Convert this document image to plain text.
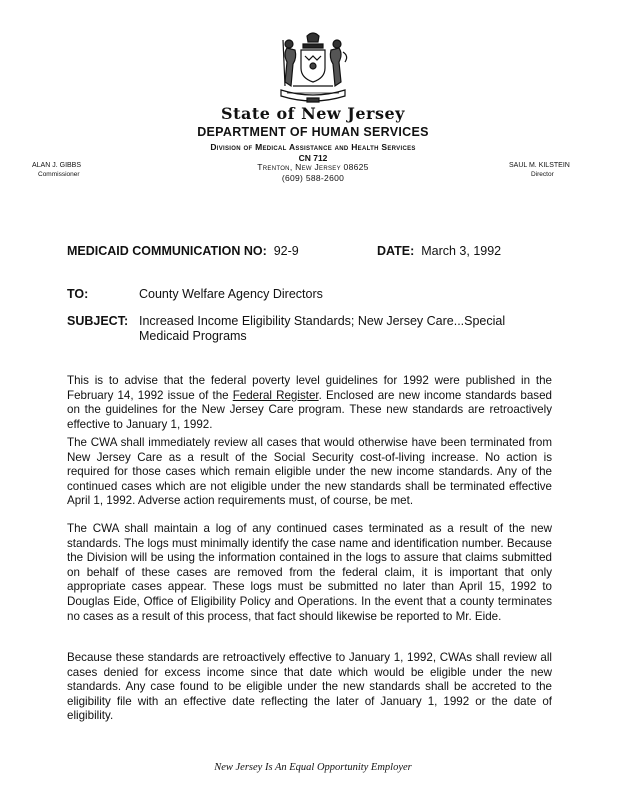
State of New Jersey
DEPARTMENT OF HUMAN SERVICES
Division of Medical Assistance and Health Services
CN 712
Trenton, New Jersey 08625
(609) 588-2600
ALAN J. GIBBS
Commissioner
SAUL M. KILSTEIN
Director
MEDICAID COMMUNICATION NO: 92-9	DATE: March 3, 1992
TO:	County Welfare Agency Directors
SUBJECT: Increased Income Eligibility Standards; New Jersey Care...Special Medicaid Programs

This is to advise that the federal poverty level guidelines for 1992 were published in the February 14, 1992 issue of the Federal Register. Enclosed are new income standards based on the guidelines for the New Jersey Care program. These new standards are retroactively effective to January 1, 1992.

The CWA shall immediately review all cases that would otherwise have been terminated from New Jersey Care as a result of the Social Security cost-of-living increase. No action is required for those cases which remain eligible under the new income standards. Any of the continued cases which are not eligible under the new standards shall be terminated effective April 1, 1992. Adverse action requirements must, of course, be met.

The CWA shall maintain a log of any continued cases terminated as a result of the new standards. The logs must minimally identify the case name and identification number. Because the Division will be using the information contained in the logs to assure that claims submitted on behalf of these cases are removed from the federal claim, it is important that only appropriate cases appear. These logs must be submitted no later than April 15, 1992 to Douglas Eide, Office of Eligibility Policy and Operations. In the event that a county terminates no cases as a result of this process, that fact should likewise be reported to Mr. Eide.

Because these standards are retroactively effective to January 1, 1992, CWAs shall review all cases denied for excess income since that date which would be eligible under the new standards. Any case found to be eligible under the new standards shall be accreted to the eligibility file with an effective date reflecting the later of January 1, 1992 or the date of eligibility.

New Jersey Is An Equal Opportunity Employer
